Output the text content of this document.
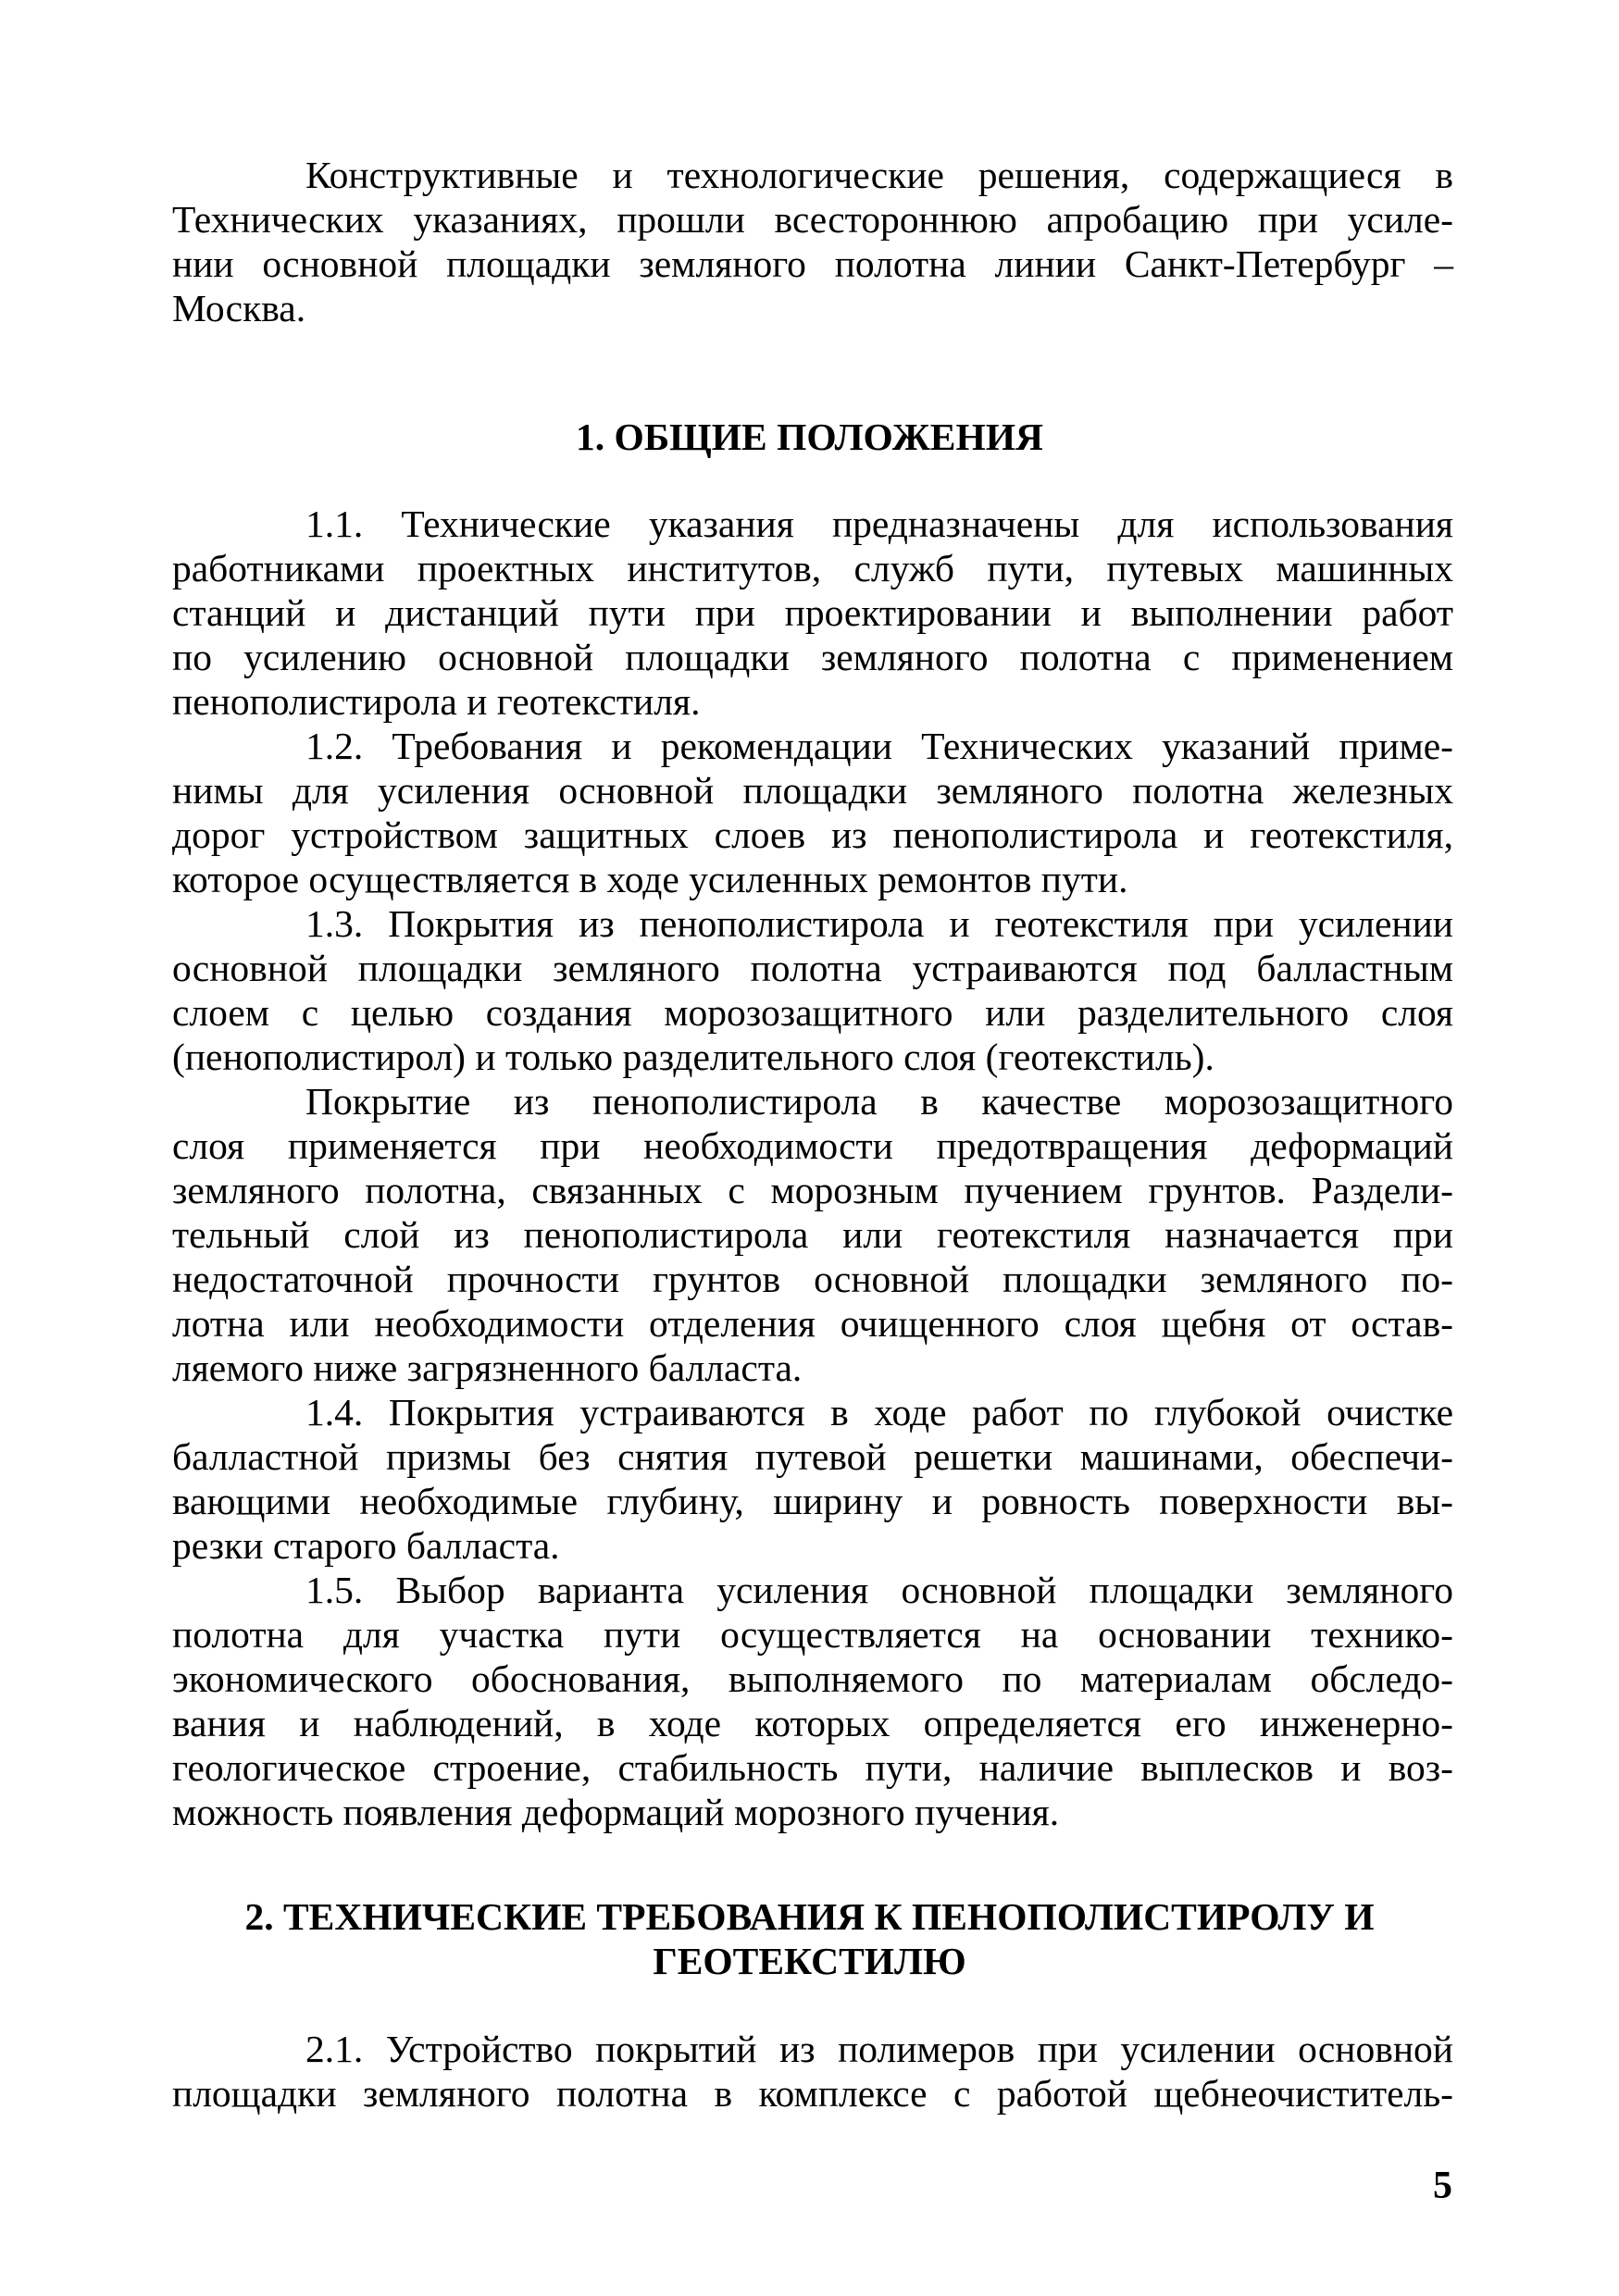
Конструктивные и технологические решения, содержащиеся в
Технических указаниях, прошли всестороннюю апробацию при усиле-
нии основной площадки земляного полотна линии Санкт-Петербург –
Москва.
1. ОБЩИЕ ПОЛОЖЕНИЯ
1.1. Технические указания предназначены для использования
работниками проектных институтов, служб пути, путевых машинных
станций и дистанций пути при проектировании и выполнении работ
по усилению основной площадки земляного полотна с применением
пенополистирола и геотекстиля.
1.2. Требования и рекомендации Технических указаний приме-
нимы для усиления основной площадки земляного полотна железных
дорог устройством защитных слоев из пенополистирола и геотекстиля,
которое осуществляется в ходе усиленных ремонтов пути.
1.3. Покрытия из пенополистирола и геотекстиля при усилении
основной площадки земляного полотна устраиваются под балластным
слоем с целью создания морозозащитного или разделительного слоя
(пенополистирол) и только разделительного слоя (геотекстиль).
Покрытие из пенополистирола в качестве морозозащитного
слоя применяется при необходимости предотвращения деформаций
земляного полотна, связанных с морозным пучением грунтов. Раздели-
тельный слой из пенополистирола или геотекстиля назначается при
недостаточной прочности грунтов основной площадки земляного по-
лотна или необходимости отделения очищенного слоя щебня от остав-
ляемого ниже загрязненного балласта.
1.4. Покрытия устраиваются в ходе работ по глубокой очистке
балластной призмы без снятия путевой решетки машинами, обеспечи-
вающими необходимые глубину, ширину и ровность поверхности вы-
резки старого балласта.
1.5. Выбор варианта усиления основной площадки земляного
полотна для участка пути осуществляется на основании технико-
экономического обоснования, выполняемого по материалам обследо-
вания и наблюдений, в ходе которых определяется его инженерно-
геологическое строение, стабильность пути, наличие выплесков и воз-
можность появления деформаций морозного пучения.
2. ТЕХНИЧЕСКИЕ ТРЕБОВАНИЯ К ПЕНОПОЛИСТИРОЛУ И
ГЕОТЕКСТИЛЮ
2.1. Устройство покрытий из полимеров при усилении основной
площадки земляного полотна в комплексе с работой щебнеочиститель-
5
